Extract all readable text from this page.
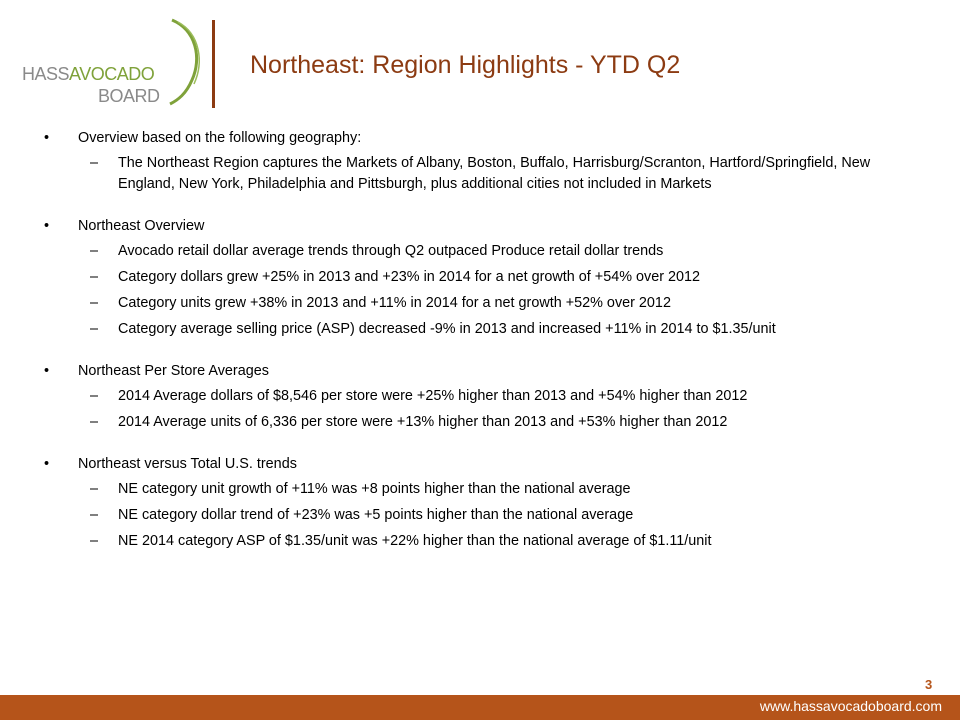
HASSAVOCADO
BOARD
Northeast: Region Highlights - YTD Q2
• Overview based on the following geography:
– The Northeast Region captures the Markets of Albany, Boston, Buffalo, Harrisburg/Scranton, Hartford/Springfield, New England, New York, Philadelphia and Pittsburgh, plus additional cities not included in Markets
• Northeast Overview
– Avocado retail dollar average trends through Q2 outpaced Produce retail dollar trends
– Category dollars grew +25% in 2013 and +23% in 2014 for a net growth of +54% over 2012
– Category units grew +38% in 2013 and +11% in 2014 for a net growth +52% over 2012
– Category average selling price (ASP) decreased -9% in 2013 and increased +11% in 2014 to $1.35/unit
• Northeast Per Store Averages
– 2014 Average dollars of $8,546 per store were +25% higher than 2013 and +54% higher than 2012
– 2014 Average units of 6,336 per store were +13% higher than 2013 and +53% higher than 2012
• Northeast versus Total U.S. trends
– NE category unit growth of +11% was +8 points higher than the national average
– NE category dollar trend of +23% was +5 points higher than the national average
– NE 2014 category ASP of $1.35/unit was +22% higher than the national average of $1.11/unit
3
www.hassavocadoboard.com
